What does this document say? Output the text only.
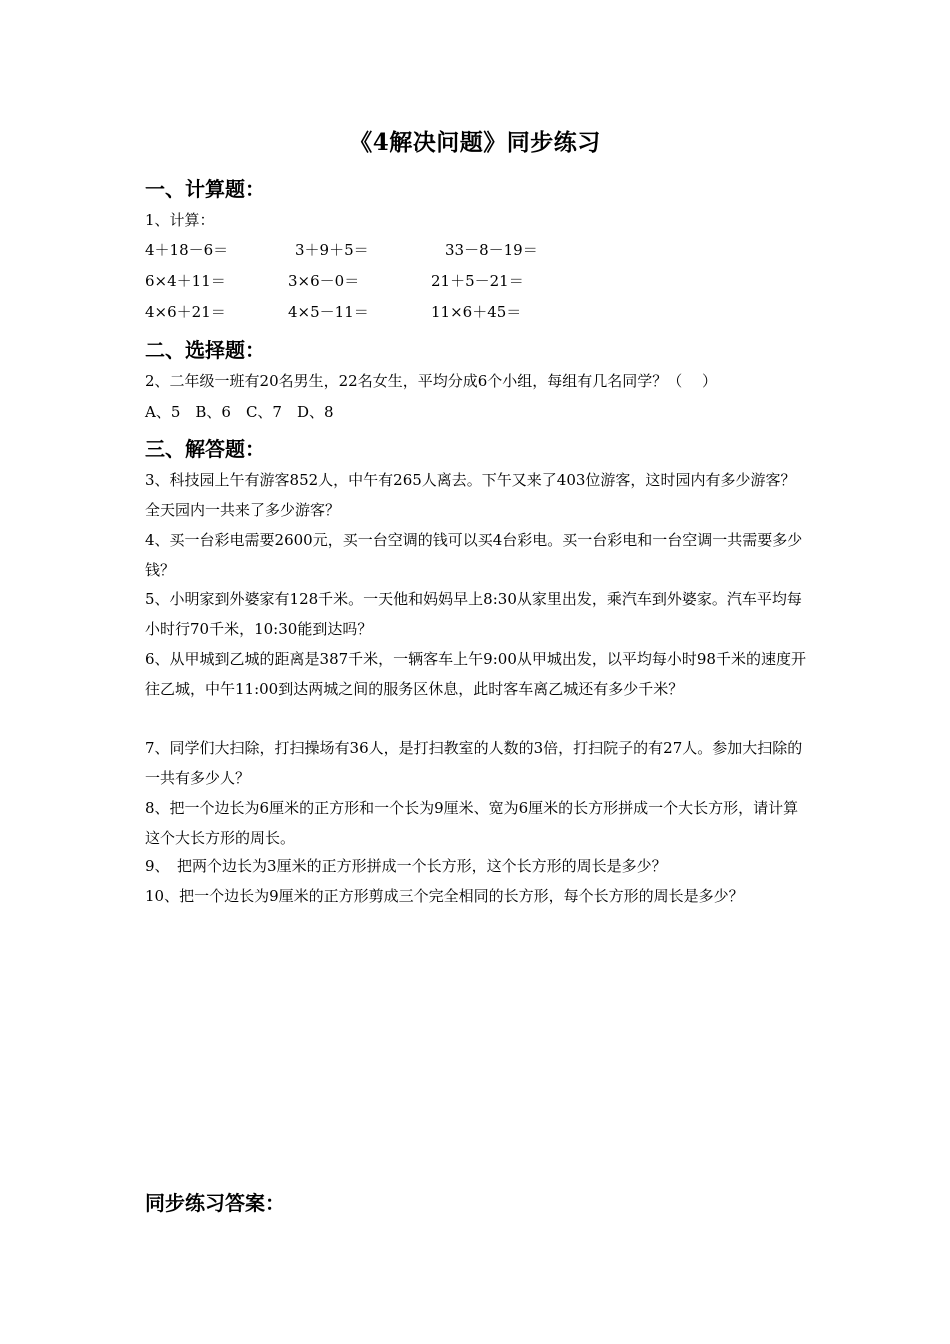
《4解决问题》同步练习
一、计算题：
1、计算：
4＋18－6＝	3＋9＋5＝	33－8－19＝
6×4＋11＝	3×6－0＝	21＋5－21＝
4×6＋21＝	4×5－11＝	11×6＋45＝
二、选择题：
2、二年级一班有20名男生，22名女生，平均分成6个小组，每组有几名同学？（　 ）
A、5　B、6　C、7　D、8
三、解答题：
3、科技园上午有游客852人，中午有265人离去。下午又来了403位游客，这时园内有多少游客？全天园内一共来了多少游客？
4、买一台彩电需要2600元，买一台空调的钱可以买4台彩电。买一台彩电和一台空调一共需要多少钱？
5、小明家到外婆家有128千米。一天他和妈妈早上8:30从家里出发，乘汽车到外婆家。汽车平均每小时行70千米，10:30能到达吗？
6、从甲城到乙城的距离是387千米，一辆客车上午9:00从甲城出发，以平均每小时98千米的速度开往乙城，中午11:00到达两城之间的服务区休息，此时客车离乙城还有多少千米？
7、同学们大扫除，打扫操场有36人，是打扫教室的人数的3倍，打扫院子的有27人。参加大扫除的一共有多少人？
8、把一个边长为6厘米的正方形和一个长为9厘米、宽为6厘米的长方形拼成一个大长方形，请计算这个大长方形的周长。
9、　把两个边长为3厘米的正方形拼成一个长方形，这个长方形的周长是多少？
10、把一个边长为9厘米的正方形剪成三个完全相同的长方形，每个长方形的周长是多少？
同步练习答案：
